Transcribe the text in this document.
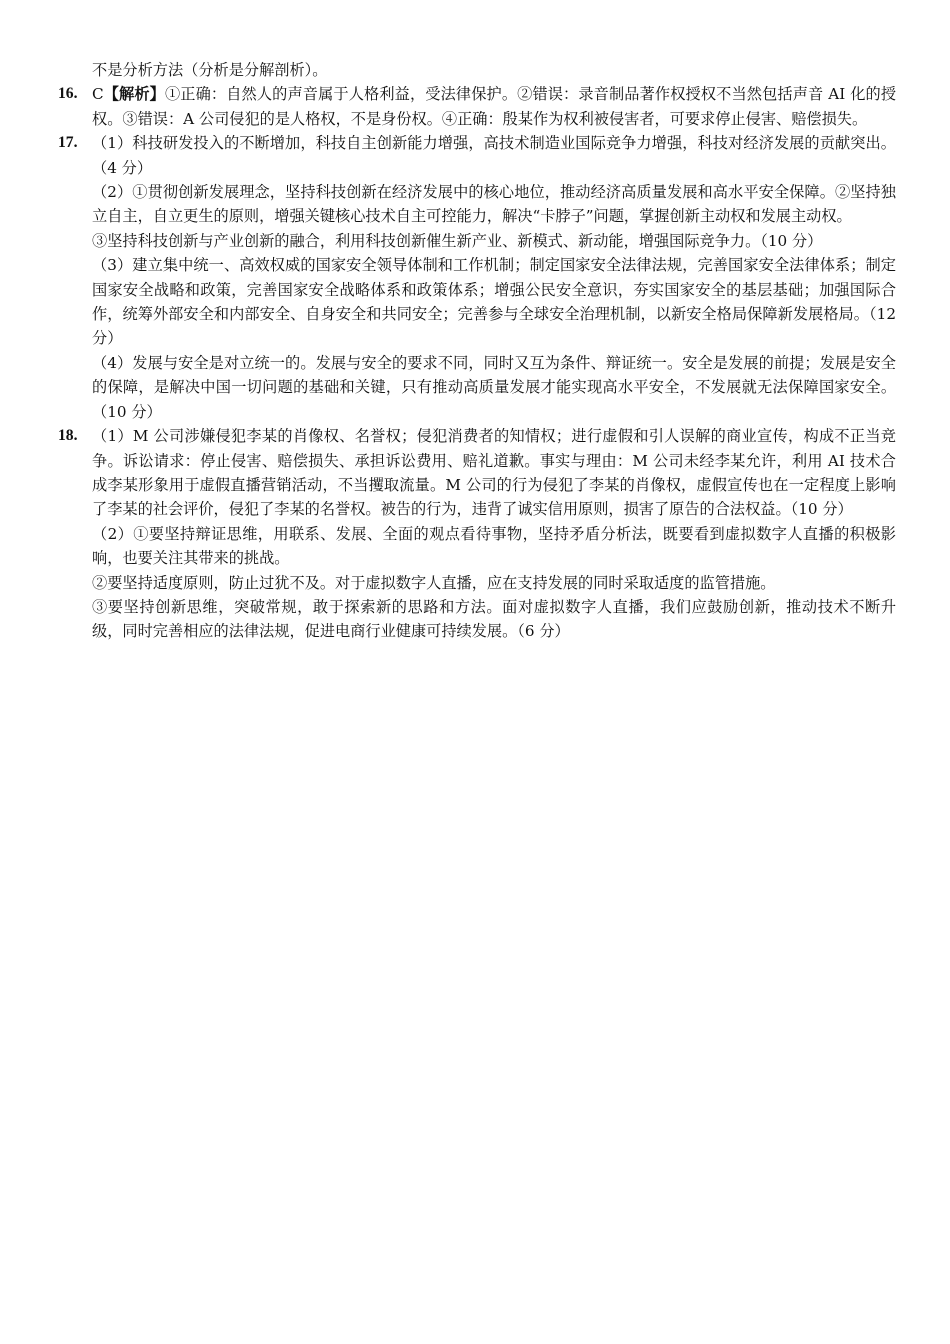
不是分析方法（分析是分解剖析）。

16. C【解析】①正确：自然人的声音属于人格利益，受法律保护。②错误：录音制品著作权授权不当然包括声音 AI 化的授权。③错误：A 公司侵犯的是人格权，不是身份权。④正确：殷某作为权利被侵害者，可要求停止侵害、赔偿损失。

17. （1）科技研发投入的不断增加，科技自主创新能力增强，高技术制造业国际竞争力增强，科技对经济发展的贡献突出。（4 分）

（2）①贯彻创新发展理念，坚持科技创新在经济发展中的核心地位，推动经济高质量发展和高水平安全保障。②坚持独立自主，自立更生的原则，增强关键核心技术自主可控能力，解决“卡脖子”问题，掌握创新主动权和发展主动权。

③坚持科技创新与产业创新的融合，利用科技创新催生新产业、新模式、新动能，增强国际竞争力。（10 分）

（3）建立集中统一、高效权威的国家安全领导体制和工作机制；制定国家安全法律法规，完善国家安全法律体系；制定国家安全战略和政策，完善国家安全战略体系和政策体系；增强公民安全意识，夯实国家安全的基层基础；加强国际合作，统筹外部安全和内部安全、自身安全和共同安全；完善参与全球安全治理机制，以新安全格局保障新发展格局。（12 分）

（4）发展与安全是对立统一的。发展与安全的要求不同，同时又互为条件、辩证统一。安全是发展的前提；发展是安全的保障，是解决中国一切问题的基础和关键，只有推动高质量发展才能实现高水平安全，不发展就无法保障国家安全。（10 分）

18. （1）M 公司涉嫌侵犯李某的肖像权、名誉权；侵犯消费者的知情权；进行虚假和引人误解的商业宣传，构成不正当竞争。诉讼请求：停止侵害、赔偿损失、承担诉讼费用、赔礼道歉。事实与理由：M 公司未经李某允许，利用 AI 技术合成李某形象用于虚假直播营销活动，不当攫取流量。M 公司的行为侵犯了李某的肖像权，虚假宣传也在一定程度上影响了李某的社会评价，侵犯了李某的名誉权。被告的行为，违背了诚实信用原则，损害了原告的合法权益。（10 分）

（2）①要坚持辩证思维，用联系、发展、全面的观点看待事物，坚持矛盾分析法，既要看到虚拟数字人直播的积极影响，也要关注其带来的挑战。

②要坚持适度原则，防止过犹不及。对于虚拟数字人直播，应在支持发展的同时采取适度的监管措施。

③要坚持创新思维，突破常规，敢于探索新的思路和方法。面对虚拟数字人直播，我们应鼓励创新，推动技术不断升级，同时完善相应的法律法规，促进电商行业健康可持续发展。（6 分）
